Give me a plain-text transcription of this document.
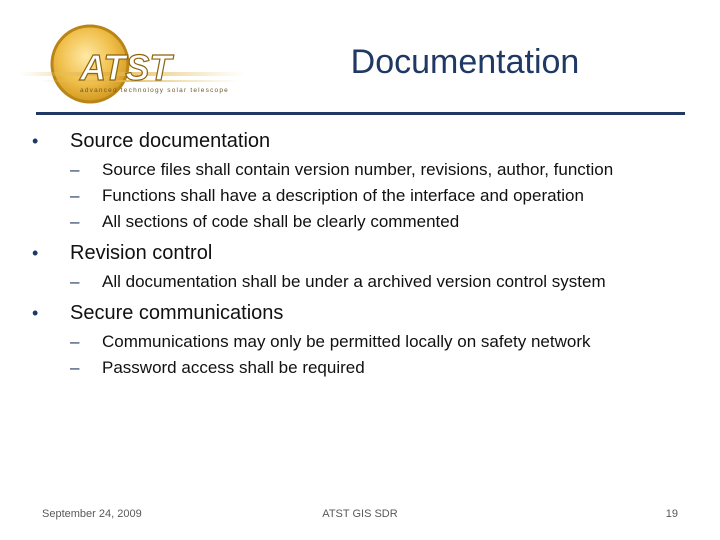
ATST
advanced technology solar telescope
Documentation
• Source documentation
– Source files shall contain version number, revisions, author, function
– Functions shall have a description of the interface and operation
– All sections of code shall be clearly commented
• Revision control
– All documentation shall be under a archived version control system
• Secure communications
– Communications may only be permitted locally on safety network
– Password access shall be required
September 24, 2009	ATST GIS SDR	19
